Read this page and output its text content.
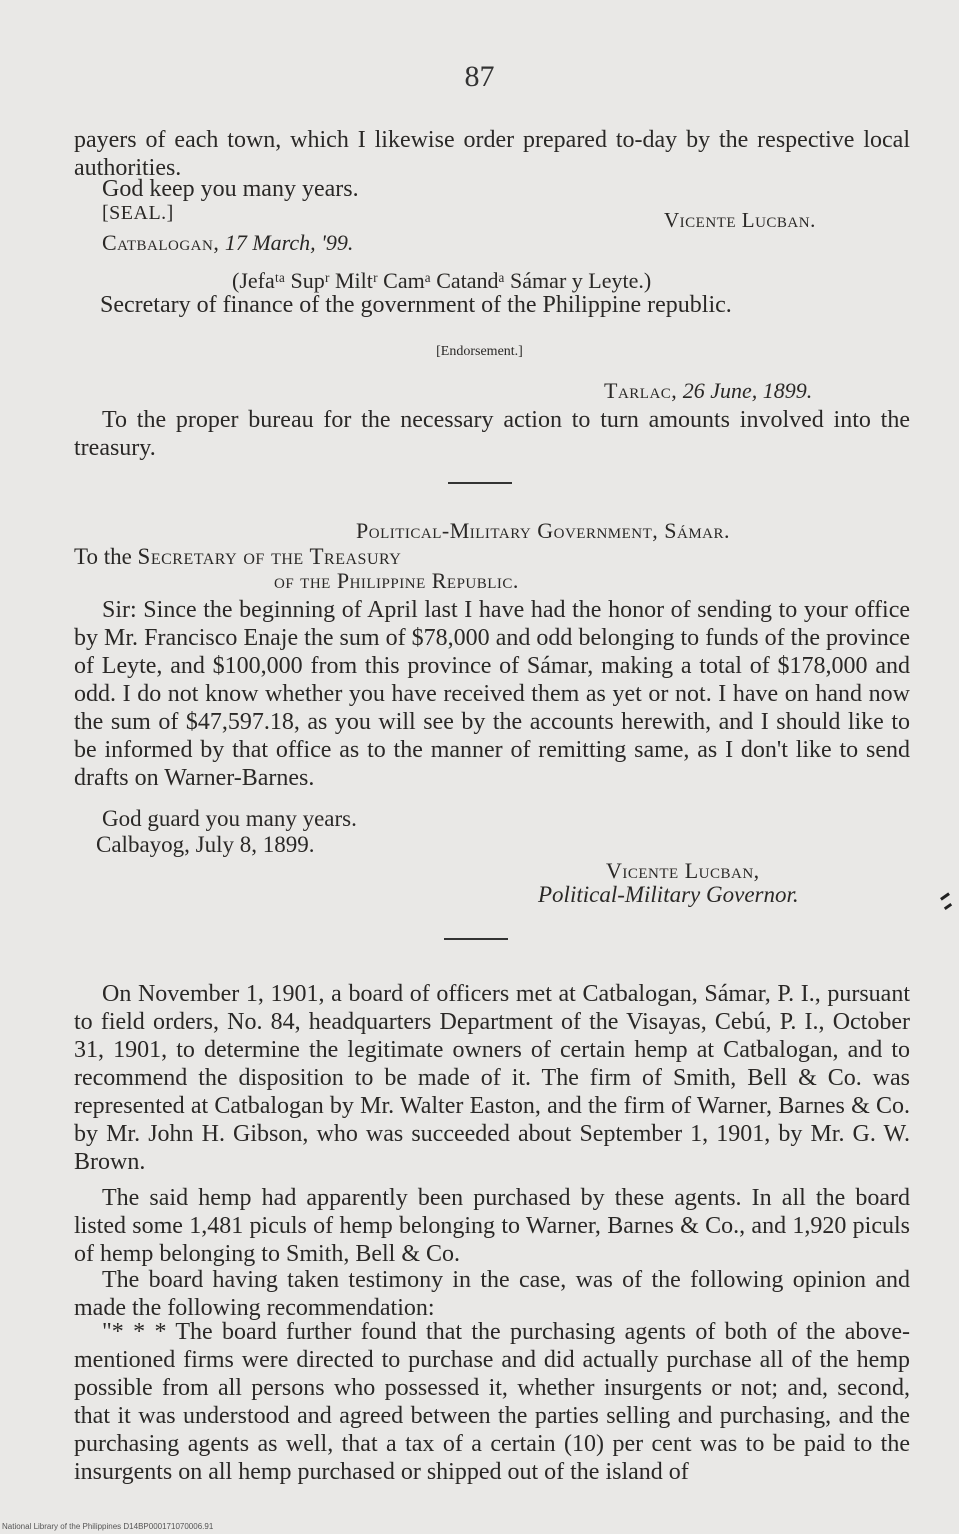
87
payers of each town, which I likewise order prepared to-day by the respective local authorities.
God keep you many years.
[SEAL.]	Vicente Lucban.
Catbalogan, 17 March, '99.
(Jefaᵗᵃ Supʳ Miltʳ Camᵃ Catandᵃ Sámar y Leyte.)
Secretary of finance of the government of the Philippine republic.
[Endorsement.]
Tarlac, 26 June, 1899.
To the proper bureau for the necessary action to turn amounts involved into the treasury.
Political-Military Government, Sámar.
To the Secretary of the Treasury
of the Philippine Republic.
Sir: Since the beginning of April last I have had the honor of sending to your office by Mr. Francisco Enaje the sum of $78,000 and odd belonging to funds of the province of Leyte, and $100,000 from this province of Sámar, making a total of $178,000 and odd. I do not know whether you have received them as yet or not. I have on hand now the sum of $47,597.18, as you will see by the accounts herewith, and I should like to be informed by that office as to the manner of remitting same, as I don't like to send drafts on Warner-Barnes.
God guard you many years.
Calbayog, July 8, 1899.
Vicente Lucban,
Political-Military Governor.
On November 1, 1901, a board of officers met at Catbalogan, Sámar, P. I., pursuant to field orders, No. 84, headquarters Department of the Visayas, Cebú, P. I., October 31, 1901, to determine the legitimate owners of certain hemp at Catbalogan, and to recommend the disposition to be made of it. The firm of Smith, Bell & Co. was represented at Catbalogan by Mr. Walter Easton, and the firm of Warner, Barnes & Co. by Mr. John H. Gibson, who was succeeded about September 1, 1901, by Mr. G. W. Brown.
The said hemp had apparently been purchased by these agents. In all the board listed some 1,481 piculs of hemp belonging to Warner, Barnes & Co., and 1,920 piculs of hemp belonging to Smith, Bell & Co.
The board having taken testimony in the case, was of the following opinion and made the following recommendation:
"* * * The board further found that the purchasing agents of both of the above-mentioned firms were directed to purchase and did actually purchase all of the hemp possible from all persons who possessed it, whether insurgents or not; and, second, that it was understood and agreed between the parties selling and purchasing, and the purchasing agents as well, that a tax of a certain (10) per cent was to be paid to the insurgents on all hemp purchased or shipped out of the island of
National Library of the Philippines D14BP000171070006.91
